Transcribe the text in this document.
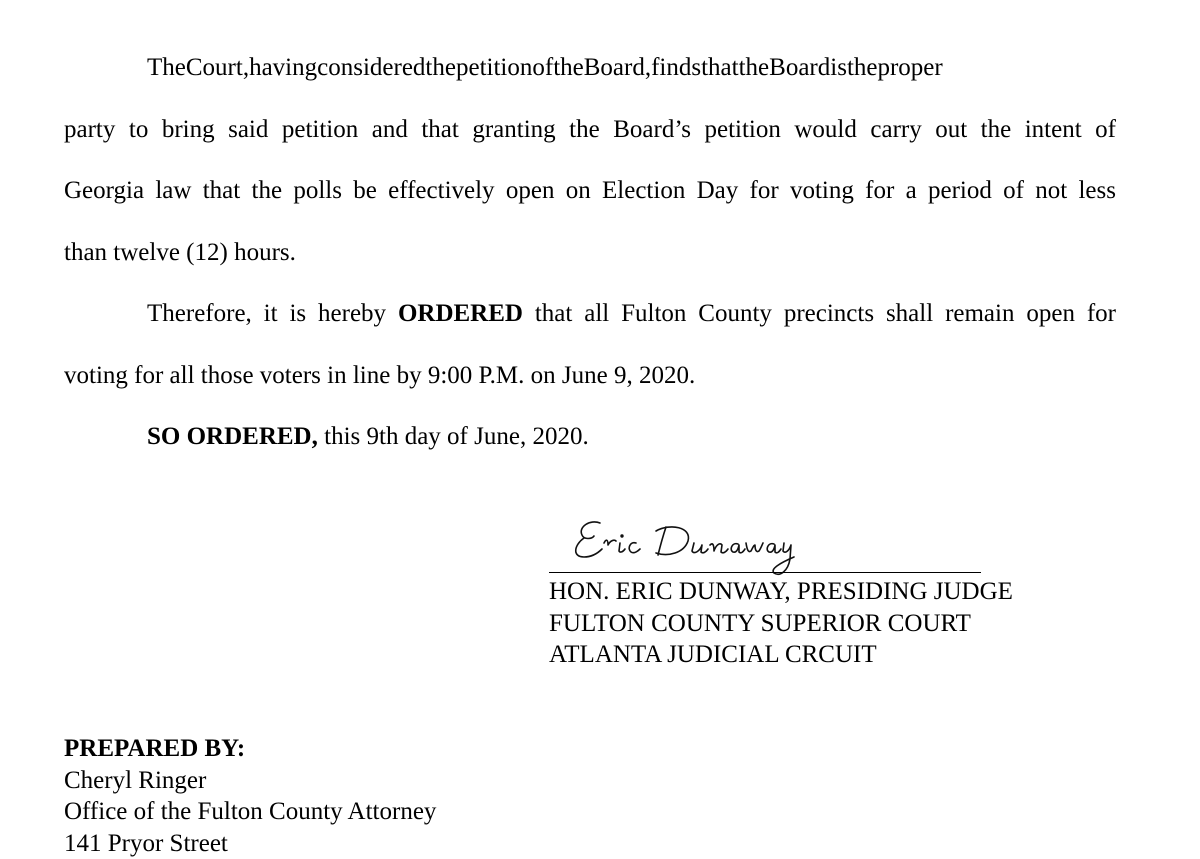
TheCourt,havingconsideredthepetitionoftheBoard,findsthattheBoardistheproper
party to bring said petition and that granting the Board’s petition would carry out the intent of
Georgia law that the polls be effectively open on Election Day for voting for a period of not less
than twelve (12) hours.
Therefore, it is hereby ORDERED that all Fulton County precincts shall remain open for
voting for all those voters in line by 9:00 P.M. on June 9, 2020.
SO ORDERED, this 9th day of June, 2020.
HON. ERIC DUNWAY, PRESIDING JUDGE
FULTON COUNTY SUPERIOR COURT
ATLANTA JUDICIAL CRCUIT
PREPARED BY:
Cheryl Ringer
Office of the Fulton County Attorney
141 Pryor Street
